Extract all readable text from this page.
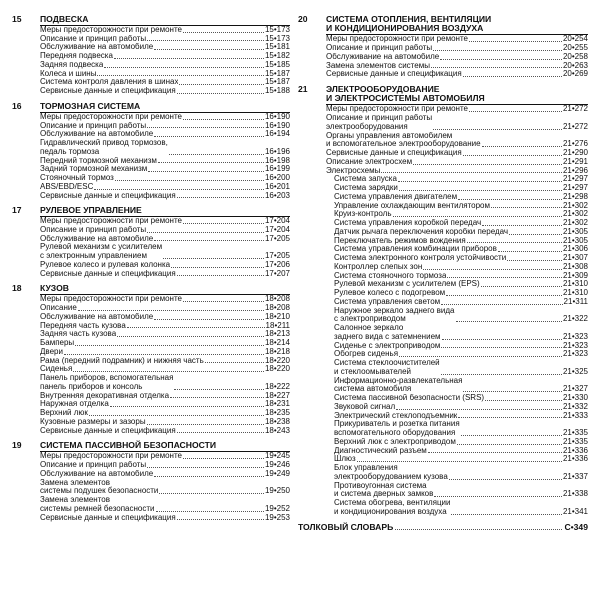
15	ПОДВЕСКА
Меры предосторожности при ремонте	15•173
Описание и принцип работы	15•173
Обслуживание на автомобиле	15•181
Передняя подвеска	15•182
Задняя подвеска	15•185
Колеса и шины	15•187
Система контроля давления в шинах	15•187
Сервисные данные и спецификация	15•188
16	ТОРМОЗНАЯ СИСТЕМА
Меры предосторожности при ремонте	16•190
Описание и принцип работы	16•190
Обслуживание на автомобиле	16•194
Гидравлический привод тормозов,
педаль тормоза	16•196
Передний тормозной механизм	16•198
Задний тормозной механизм	16•199
Стояночный тормоз	16•200
ABS/EBD/ESC	16•201
Сервисные данные и спецификация	16•203
17	РУЛЕВОЕ УПРАВЛЕНИЕ
Меры предосторожности при ремонте	17•204
Описание и принцип работы	17•204
Обслуживание на автомобиле	17•205
Рулевой механизм с усилителем
с электронным управлением	17•205
Рулевое колесо и рулевая колонка	17•206
Сервисные данные и спецификация	17•207
18	КУЗОВ
Меры предосторожности при ремонте	18•208
Описание	18•208
Обслуживание на автомобиле	18•210
Передняя часть кузова	18•211
Задняя часть кузова	18•213
Бамперы	18•214
Двери	18•218
Рама (передний подрамник) и нижняя часть	18•220
Сиденья	18•220
Панель приборов, вспомогательная
панель приборов и консоль	18•222
Внутренняя декоративная отделка	18•227
Наружная отделка	18•231
Верхний люк	18•235
Кузовные размеры и зазоры	18•238
Сервисные данные и спецификация	18•243
19	СИСТЕМА ПАССИВНОЙ БЕЗОПАСНОСТИ
Меры предосторожности при ремонте	19•245
Описание и принцип работы	19•246
Обслуживание на автомобиле	19•249
Замена элементов
системы подушек безопасности	19•250
Замена элементов
системы ремней безопасности	19•252
Сервисные данные и спецификация	19•253
20	СИСТЕМА ОТОПЛЕНИЯ, ВЕНТИЛЯЦИИ
И КОНДИЦИОНИРОВАНИЯ ВОЗДУХА
Меры предосторожности при ремонте	20•254
Описание и принцип работы	20•255
Обслуживание на автомобиле	20•258
Замена элементов системы	20•263
Сервисные данные и спецификация	20•269
21	ЭЛЕКТРООБОРУДОВАНИЕ
И ЭЛЕКТРОСИСТЕМЫ АВТОМОБИЛЯ
Меры предосторожности при ремонте	21•272
Описание и принцип работы
электрооборудования	21•272
Органы управления автомобилем
и вспомогательное электрооборудование	21•276
Сервисные данные и спецификация	21•290
Описание электросхем	21•291
Электросхемы	21•296
Система запуска	21•297
Система зарядки	21•297
Система управления двигателем	21•298
Управление охлаждающим вентилятором	21•302
Круиз-контроль	21•302
Система управления коробкой передач	21•302
Датчик рычага переключения коробки передач	21•305
Переключатель режимов вождения	21•305
Система управления комбинации приборов	21•306
Система электронного контроля устойчивости	21•307
Контроллер слепых зон	21•308
Система стояночного тормоза	21•309
Рулевой механизм с усилителем (EPS)	21•310
Рулевое колесо с подогревом	21•310
Система управления светом	21•311
Наружное зеркало заднего вида
с электроприводом	21•322
Салонное зеркало
заднего вида с затемнением	21•323
Сиденье с электроприводом	21•323
Обогрев сиденья	21•323
Система стеклоочистителей
и стеклоомывателей	21•325
Информационно-развлекательная
система автомобиля	21•327
Система пассивной безопасности (SRS)	21•330
Звуковой сигнал	21•332
Электрический стеклоподъемник	21•333
Прикуриватель и розетка питания
вспомогательного оборудования	21•335
Верхний люк с электроприводом	21•335
Диагностический разъем	21•336
Шлюз	21•336
Блок управления
электрооборудованием кузова	21•337
Противоугонная система
и система дверных замков	21•338
Система обогрева, вентиляции
и кондиционирования воздуха	21•341
ТОЛКОВЫЙ СЛОВАРЬ	С•349
